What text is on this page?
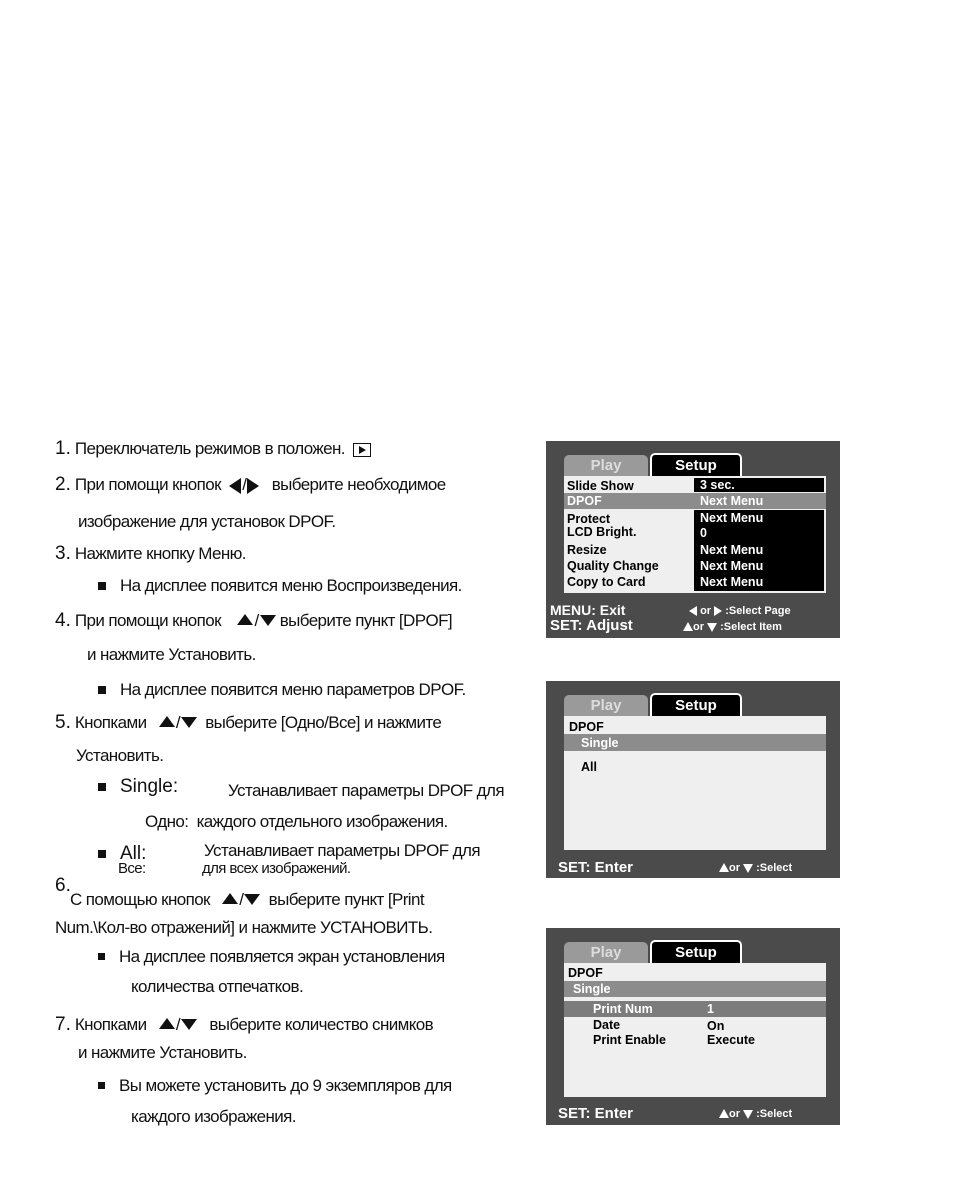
1. Переключатель режимов в положен.
2. При помощи кнопок / выберите необходимое
изображение для установок DPOF.
3. Нажмите кнопку Меню.
На дисплее появится меню Воспроизведения.
4. При помощи кнопок / выберите пункт [DPOF]
и нажмите Установить.
На дисплее появится меню параметров DPOF.
5. Кнопками / выберите [Одно/Все] и нажмите
Установить.
Single:	Устанавливает параметры DPOF для
Одно: каждого отдельного изображения.
All:	Устанавливает параметры DPOF для
Все:	для всех изображений.
6.
С помощью кнопок / выберите пункт [Print
Num.\Кол-во отражений] и нажмите УСТАНОВИТЬ.
На дисплее появляется экран установления
количества отпечатков.
7. Кнопками / выберите количество снимков
и нажмите Установить.
Вы можете установить до 9 экземпляров для
каждого изображения.
Play	Setup
Slide Show	3 sec.
DPOF	Next Menu
Protect	Next Menu
LCD Bright.	0
Resize	Next Menu
Quality Change	Next Menu
Copy to Card	Next Menu
MENU: Exit
SET: Adjust
or :Select Page
or :Select Item
Play	Setup
DPOF
Single
All
SET: Enter	or :Select
Play	Setup
DPOF
Single
Print Num	1
Date	On
Print Enable	Execute
SET: Enter	or :Select
